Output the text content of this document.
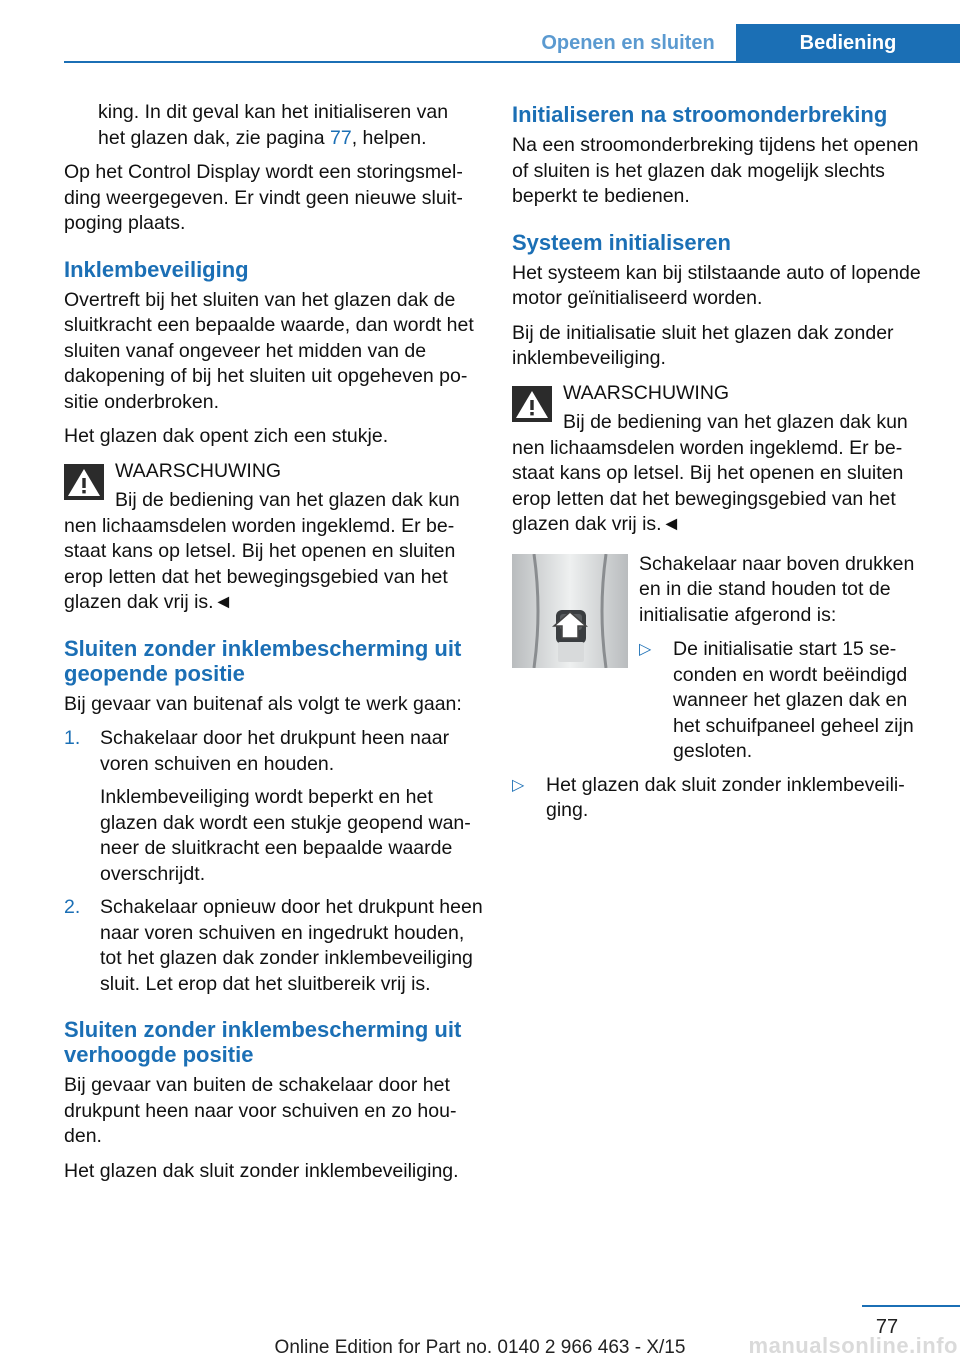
Openen en sluiten	Bediening

king. In dit geval kan het initialiseren van
het glazen dak, zie pagina 77, helpen.

Op het Control Display wordt een storingsmelding weergegeven. Er vindt geen nieuwe sluitpoging plaats.

Inklembeveiliging

Overtreft bij het sluiten van het glazen dak de sluitkracht een bepaalde waarde, dan wordt het sluiten vanaf ongeveer het midden van de dakopening of bij het sluiten uit opgeheven positie onderbroken.

Het glazen dak opent zich een stukje.

WAARSCHUWING

Bij de bediening van het glazen dak kun
nen lichaamsdelen worden ingeklemd. Er bestaat kans op letsel. Bij het openen en sluiten erop letten dat het bewegingsgebied van het glazen dak vrij is.◄

Sluiten zonder inklembescherming uit geopende positie

Bij gevaar van buitenaf als volgt te werk gaan:

1. Schakelaar door het drukpunt heen naar voren schuiven en houden.

Inklembeveiliging wordt beperkt en het glazen dak wordt een stukje geopend wanneer de sluitkracht een bepaalde waarde overschrijdt.

2. Schakelaar opnieuw door het drukpunt heen naar voren schuiven en ingedrukt houden, tot het glazen dak zonder inklembeveiliging sluit. Let erop dat het sluitbereik vrij is.

Sluiten zonder inklembescherming uit verhoogde positie

Bij gevaar van buiten de schakelaar door het drukpunt heen naar voor schuiven en zo houden.

Het glazen dak sluit zonder inklembeveiliging.

Initialiseren na stroomonderbreking

Na een stroomonderbreking tijdens het openen of sluiten is het glazen dak mogelijk slechts beperkt te bedienen.

Systeem initialiseren

Het systeem kan bij stilstaande auto of lopende motor geïnitialiseerd worden.

Bij de initialisatie sluit het glazen dak zonder inklembeveiliging.

WAARSCHUWING

Bij de bediening van het glazen dak kun
nen lichaamsdelen worden ingeklemd. Er bestaat kans op letsel. Bij het openen en sluiten erop letten dat het bewegingsgebied van het glazen dak vrij is.◄

Schakelaar naar boven drukken en in die stand houden tot de initialisatie afgerond is:

▷ De initialisatie start 15 seconden en wordt beëindigd wanneer het glazen dak en het schuifpaneel geheel zijn gesloten.
▷ Het glazen dak sluit zonder inklembeveiliging.
77
Online Edition for Part no. 0140 2 966 463 - X/15	manualsonline.info
